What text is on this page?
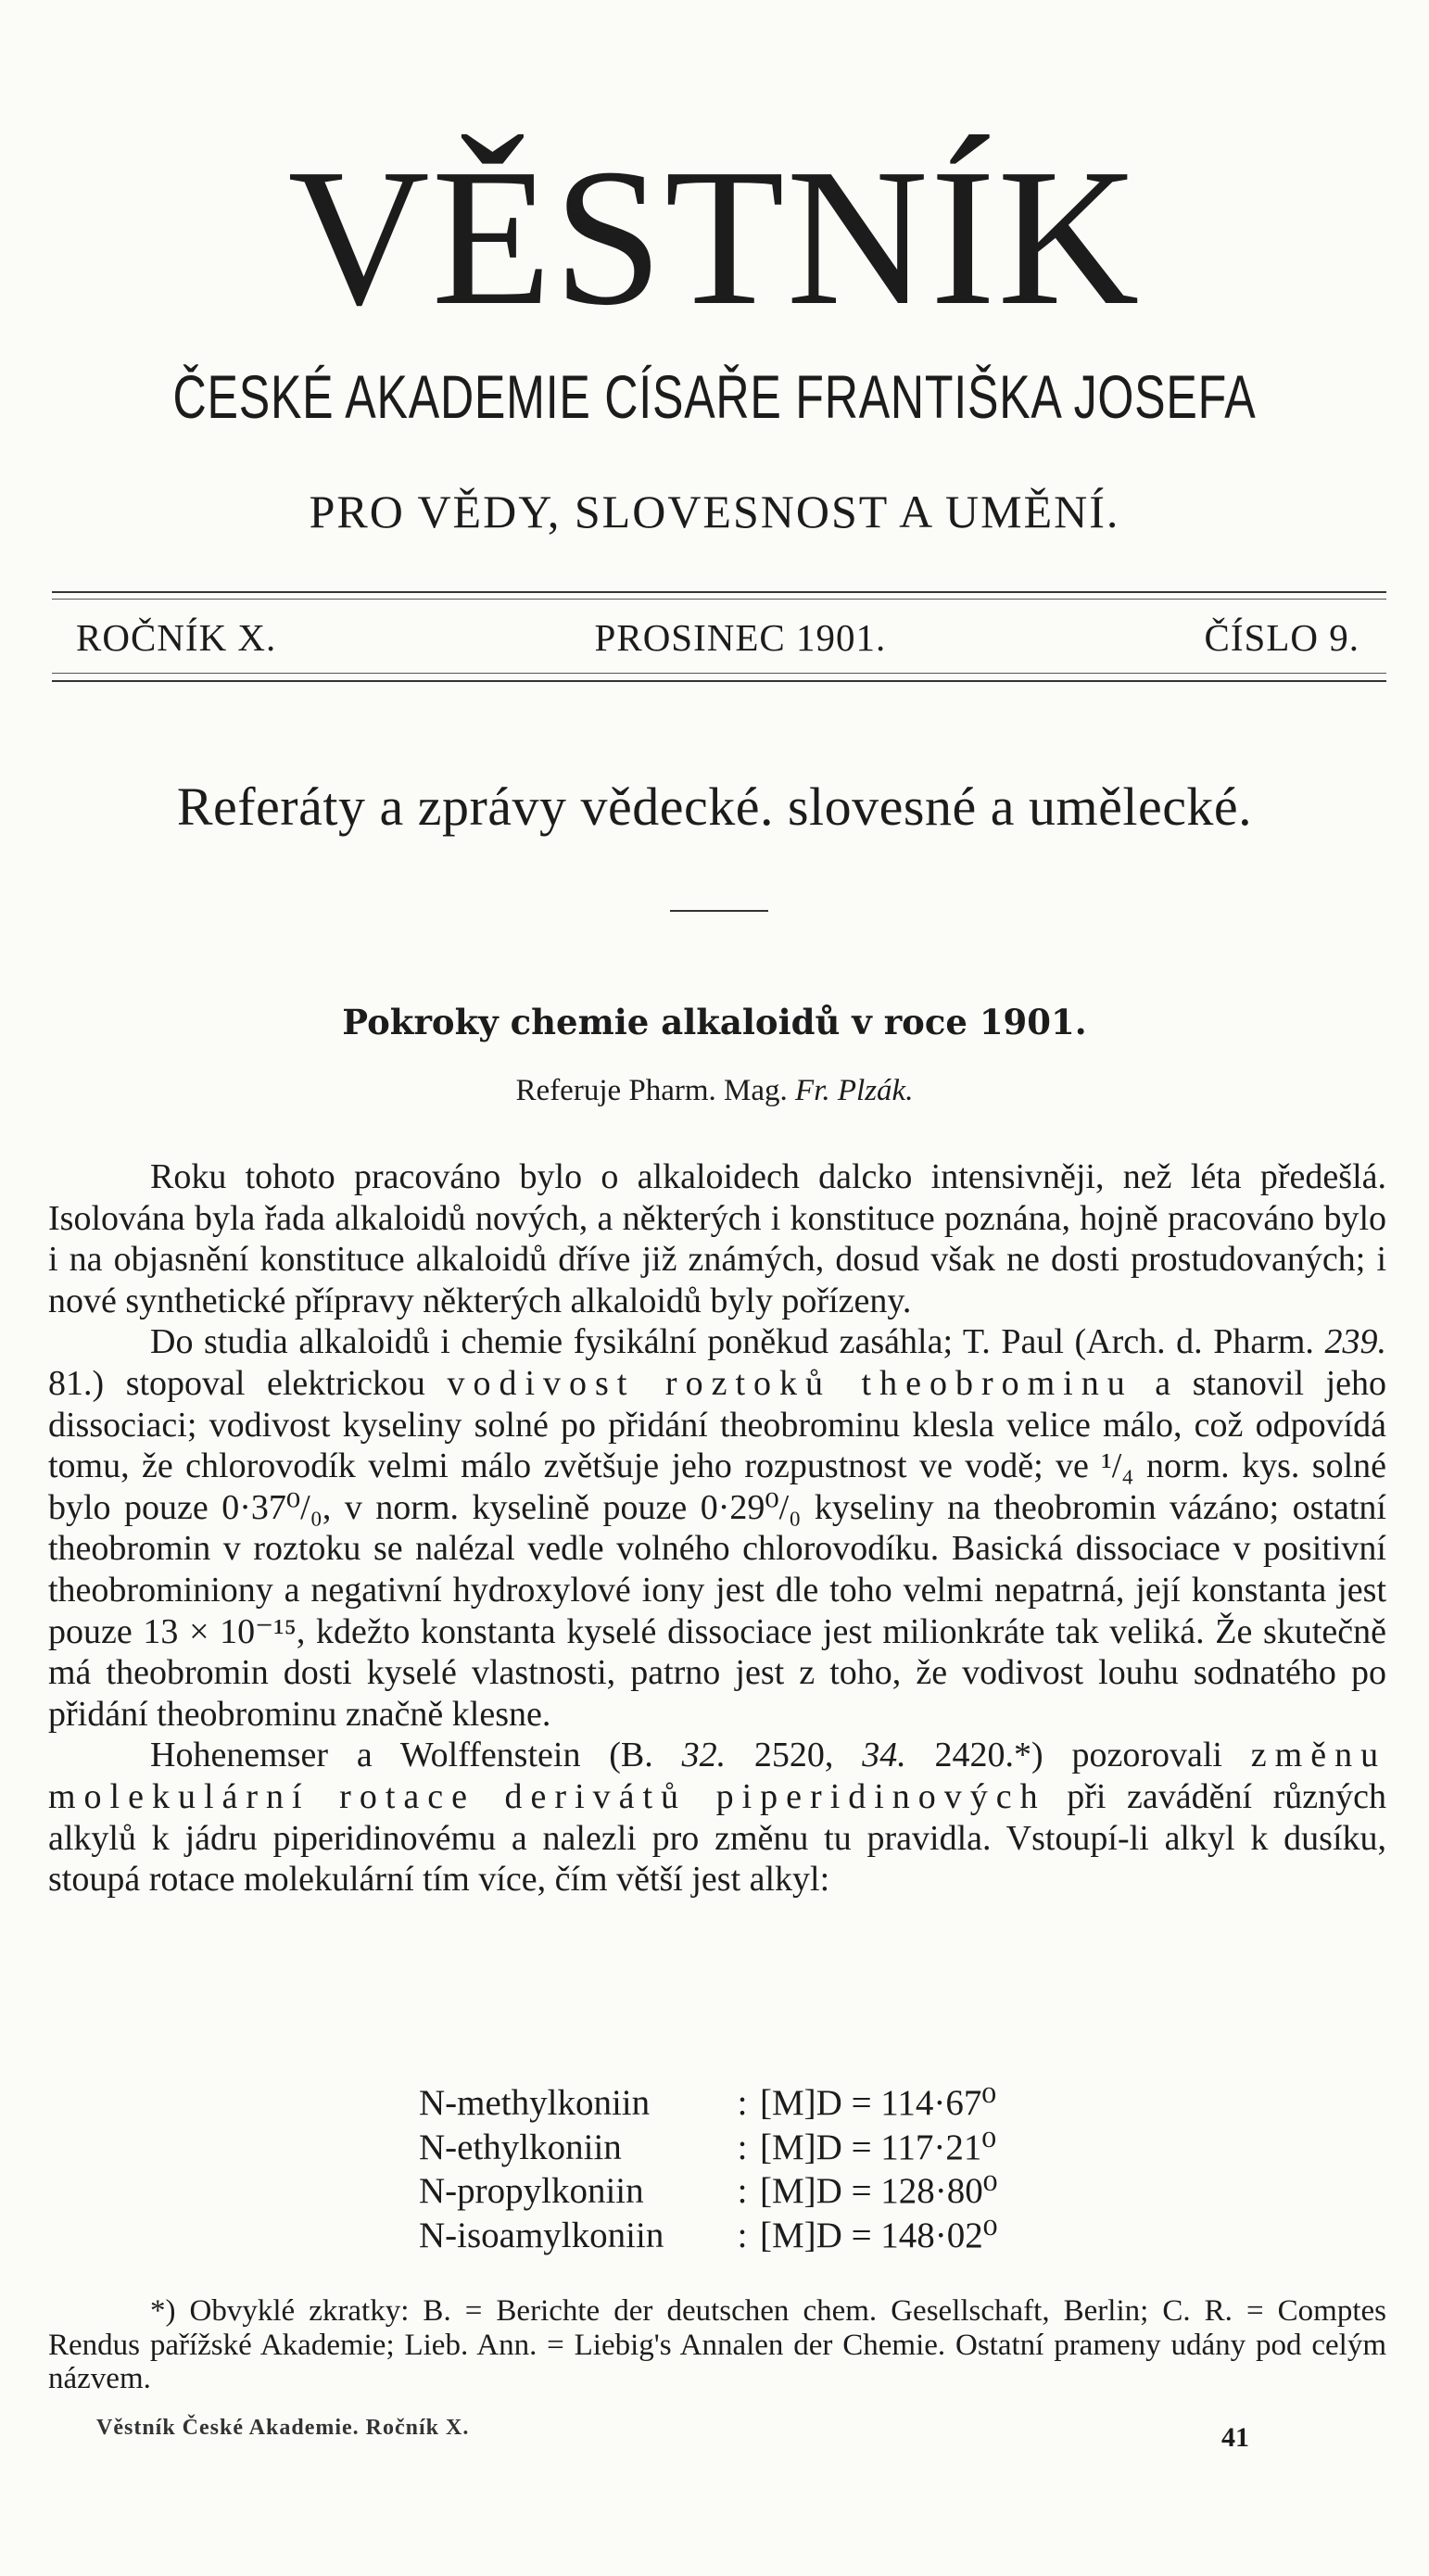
VĚSTNÍK
ČESKÉ AKADEMIE CÍSAŘE FRANTIŠKA JOSEFA
PRO VĚDY, SLOVESNOST A UMĚNÍ.
ROČNÍK X.	PROSINEC 1901.	ČÍSLO 9.
Referáty a zprávy vědecké. slovesné a umělecké.
Pokroky chemie alkaloidů v roce 1901.
Referuje Pharm. Mag. Fr. Plzák.

Roku tohoto pracováno bylo o alkaloidech dalcko intensivněji, než léta předešlá. Isolována byla řada alkaloidů nových, a některých i konstituce poznána, hojně pracováno bylo i na objasnění konstituce alkaloidů dříve již známých, dosud však ne dosti prostudovaných; i nové synthetické přípravy některých alkaloidů byly pořízeny.

Do studia alkaloidů i chemie fysikální poněkud zasáhla; T. Paul (Arch. d. Pharm. 239. 81.) stopoval elektrickou vodivost roztoků theobrominu a stanovil jeho dissociaci; vodivost kyseliny solné po přidání theobrominu klesla velice málo, což odpovídá tomu, že chlorovodík velmi málo zvětšuje jeho rozpustnost ve vodě; ve ¹/₄ norm. kys. solné bylo pouze 0·37⁰/₀, v norm. kyselině pouze 0·29⁰/₀ kyseliny na theobromin vázáno; ostatní theobromin v roztoku se nalézal vedle volného chlorovodíku. Basická dissociace v positivní theobrominiony a negativní hydroxylové iony jest dle toho velmi nepatrná, její konstanta jest pouze 13 × 10⁻¹⁵, kdežto konstanta kyselé dissociace jest milionkráte tak veliká. Že skutečně má theobromin dosti kyselé vlastnosti, patrno jest z toho, že vodivost louhu sodnatého po přidání theobrominu značně klesne.

Hohenemser a Wolffenstein (B. 32. 2520, 34. 2420.*) pozorovali změnu molekulární rotace derivátů piperidinových při zavádění různých alkylů k jádru piperidinovému a nalezli pro změnu tu pravidla. Vstoupí-li alkyl k dusíku, stoupá rotace molekulární tím více, čím větší jest alkyl:

N-methylkoniin	: [M]D = 114·67⁰
N-ethylkoniin	: [M]D = 117·21⁰
N-propylkoniin	: [M]D = 128·80⁰
N-isoamylkoniin	: [M]D = 148·02⁰

*) Obvyklé zkratky: B. = Berichte der deutschen chem. Gesellschaft, Berlin; C. R. = Comptes Rendus pařížské Akademie; Lieb. Ann. = Liebig's Annalen der Chemie. Ostatní prameny udány pod celým názvem.

Věstník České Akademie. Ročník X.	41
